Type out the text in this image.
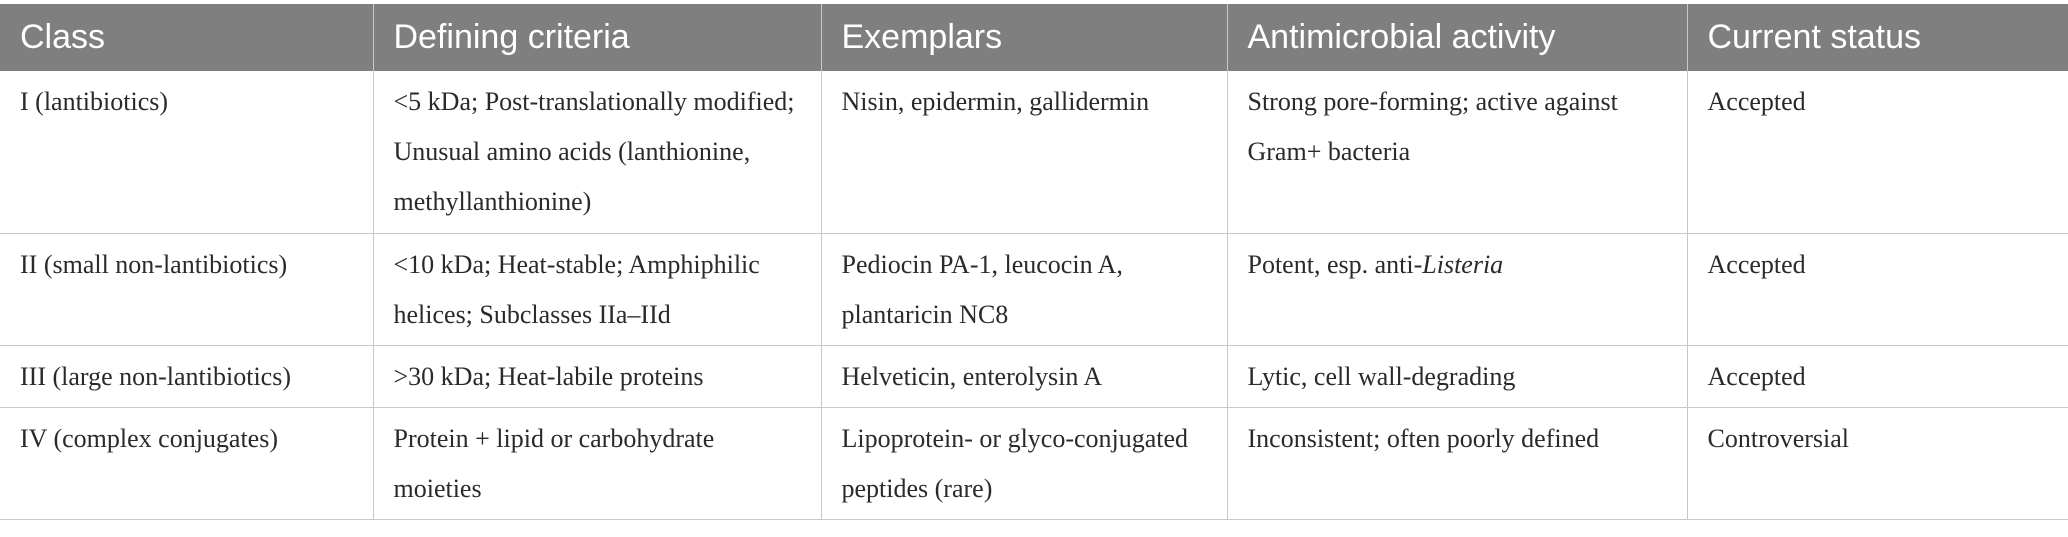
Class	Defining criteria	Exemplars	Antimicrobial activity	Current status
I (lantibiotics)	<5 kDa; Post-translationally modified; Unusual amino acids (lanthionine, methyllanthionine)	Nisin, epidermin, gallidermin	Strong pore-forming; active against Gram+ bacteria	Accepted
II (small non-lantibiotics)	<10 kDa; Heat-stable; Amphiphilic helices; Subclasses IIa–IId	Pediocin PA-1, leucocin A, plantaricin NC8	Potent, esp. anti-Listeria	Accepted
III (large non-lantibiotics)	>30 kDa; Heat-labile proteins	Helveticin, enterolysin A	Lytic, cell wall-degrading	Accepted
IV (complex conjugates)	Protein + lipid or carbohydrate moieties	Lipoprotein- or glyco-conjugated peptides (rare)	Inconsistent; often poorly defined	Controversial
